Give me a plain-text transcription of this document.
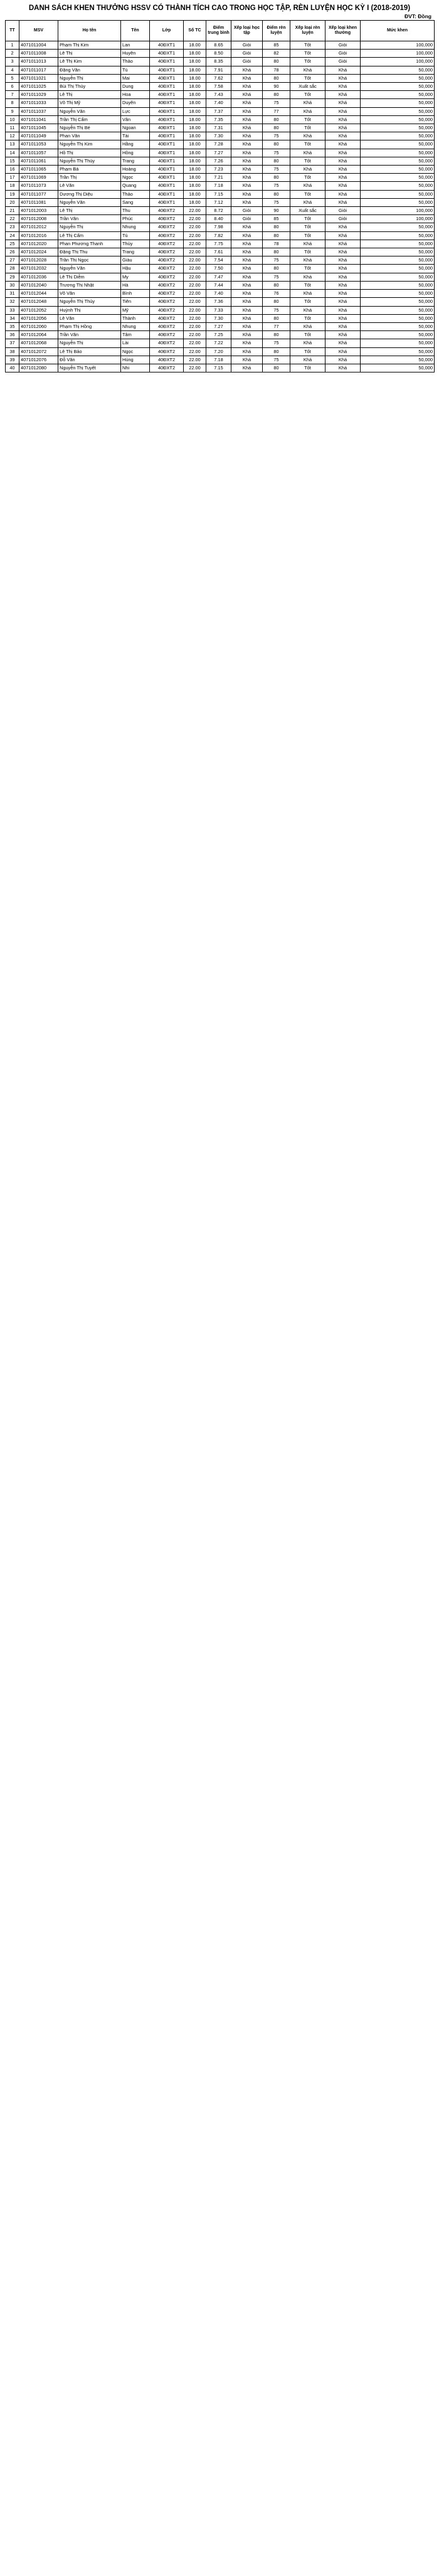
DANH SÁCH KHEN THƯỞNG HSSV CÓ THÀNH TÍCH CAO TRONG HỌC TẬP, RÈN LUYỆN HỌC KỲ I (2018-2019)
ĐVT: Đồng
TT	MSV	Họ tên	Tên	Lớp	Số TC	Điểm trung bình	Xếp loại học tập	Điểm rèn luyện	Xếp loại rèn luyện	Xếp loại khen thưởng	Mức khen
1	4071011004	Phạm Thị Kim	Lan	40ĐXT1	18.00	8.65	Giỏi	85	Tốt	Giỏi	100,000
2	4071011008	Lê Thị	Huyền	40ĐXT1	18.00	8.50	Giỏi	82	Tốt	Giỏi	100,000
3	4071011013	Lê Thị Kim	Thảo	40ĐXT1	18.00	8.35	Giỏi	80	Tốt	Giỏi	100,000
4	4071011017	Đặng Văn	Tú	40ĐXT1	18.00	7.91	Khá	78	Khá	Khá	50,000
5	4071011021	Nguyễn Thị	Mai	40ĐXT1	18.00	7.62	Khá	80	Tốt	Khá	50,000
6	4071011025	Bùi Thị Thúy	Dung	40ĐXT1	18.00	7.58	Khá	90	Xuất sắc	Khá	50,000
7	4071011029	Lê Thị	Hoa	40ĐXT1	18.00	7.43	Khá	80	Tốt	Khá	50,000
8	4071011033	Võ Thị Mỹ	Duyên	40ĐXT1	18.00	7.40	Khá	75	Khá	Khá	50,000
9	4071011037	Nguyễn Văn	Lực	40ĐXT1	18.00	7.37	Khá	77	Khá	Khá	50,000
10	4071011041	Trần Thị Cẩm	Vân	40ĐXT1	18.00	7.35	Khá	80	Tốt	Khá	50,000
11	4071011045	Nguyễn Thị Bé	Ngoan	40ĐXT1	18.00	7.31	Khá	80	Tốt	Khá	50,000
12	4071011049	Phan Văn	Tài	40ĐXT1	18.00	7.30	Khá	75	Khá	Khá	50,000
13	4071011053	Nguyễn Thị Kim	Hằng	40ĐXT1	18.00	7.28	Khá	80	Tốt	Khá	50,000
14	4071011057	Hồ Thị	Hồng	40ĐXT1	18.00	7.27	Khá	75	Khá	Khá	50,000
15	4071011061	Nguyễn Thị Thùy	Trang	40ĐXT1	18.00	7.26	Khá	80	Tốt	Khá	50,000
16	4071011065	Phạm Bá	Hoàng	40ĐXT1	18.00	7.23	Khá	75	Khá	Khá	50,000
17	4071011069	Trần Thị	Ngọc	40ĐXT1	18.00	7.21	Khá	80	Tốt	Khá	50,000
18	4071011073	Lê Văn	Quang	40ĐXT1	18.00	7.18	Khá	75	Khá	Khá	50,000
19	4071011077	Dương Thị Diệu	Thảo	40ĐXT1	18.00	7.15	Khá	80	Tốt	Khá	50,000
20	4071011081	Nguyễn Văn	Sang	40ĐXT1	18.00	7.12	Khá	75	Khá	Khá	50,000
21	4071012003	Lê Thị	Thu	40ĐXT2	22.00	8.72	Giỏi	90	Xuất sắc	Giỏi	100,000
22	4071012008	Trần Văn	Phúc	40ĐXT2	22.00	8.40	Giỏi	85	Tốt	Giỏi	100,000
23	4071012012	Nguyễn Thị	Nhung	40ĐXT2	22.00	7.98	Khá	80	Tốt	Khá	50,000
24	4071012016	Lê Thị Cẩm	Tú	40ĐXT2	22.00	7.82	Khá	80	Tốt	Khá	50,000
25	4071012020	Phan Phương Thanh	Thủy	40ĐXT2	22.00	7.75	Khá	78	Khá	Khá	50,000
26	4071012024	Đặng Thị Thu	Trang	40ĐXT2	22.00	7.61	Khá	80	Tốt	Khá	50,000
27	4071012028	Trần Thị Ngọc	Giàu	40ĐXT2	22.00	7.54	Khá	75	Khá	Khá	50,000
28	4071012032	Nguyễn Văn	Hậu	40ĐXT2	22.00	7.50	Khá	80	Tốt	Khá	50,000
29	4071012036	Lê Thị Diễm	My	40ĐXT2	22.00	7.47	Khá	75	Khá	Khá	50,000
30	4071012040	Trương Thị Nhật	Hà	40ĐXT2	22.00	7.44	Khá	80	Tốt	Khá	50,000
31	4071012044	Võ Văn	Bình	40ĐXT2	22.00	7.40	Khá	76	Khá	Khá	50,000
32	4071012048	Nguyễn Thị Thủy	Tiên	40ĐXT2	22.00	7.36	Khá	80	Tốt	Khá	50,000
33	4071012052	Huỳnh Thị	Mỹ	40ĐXT2	22.00	7.33	Khá	75	Khá	Khá	50,000
34	4071012056	Lê Văn	Thành	40ĐXT2	22.00	7.30	Khá	80	Tốt	Khá	50,000
35	4071012060	Phạm Thị Hồng	Nhung	40ĐXT2	22.00	7.27	Khá	77	Khá	Khá	50,000
36	4071012064	Trần Văn	Tâm	40ĐXT2	22.00	7.25	Khá	80	Tốt	Khá	50,000
37	4071012068	Nguyễn Thị	Lài	40ĐXT2	22.00	7.22	Khá	75	Khá	Khá	50,000
38	4071012072	Lê Thị Bảo	Ngọc	40ĐXT2	22.00	7.20	Khá	80	Tốt	Khá	50,000
39	4071012076	Đỗ Văn	Hùng	40ĐXT2	22.00	7.18	Khá	75	Khá	Khá	50,000
40	4071012080	Nguyễn Thị Tuyết	Nhi	40ĐXT2	22.00	7.15	Khá	80	Tốt	Khá	50,000
